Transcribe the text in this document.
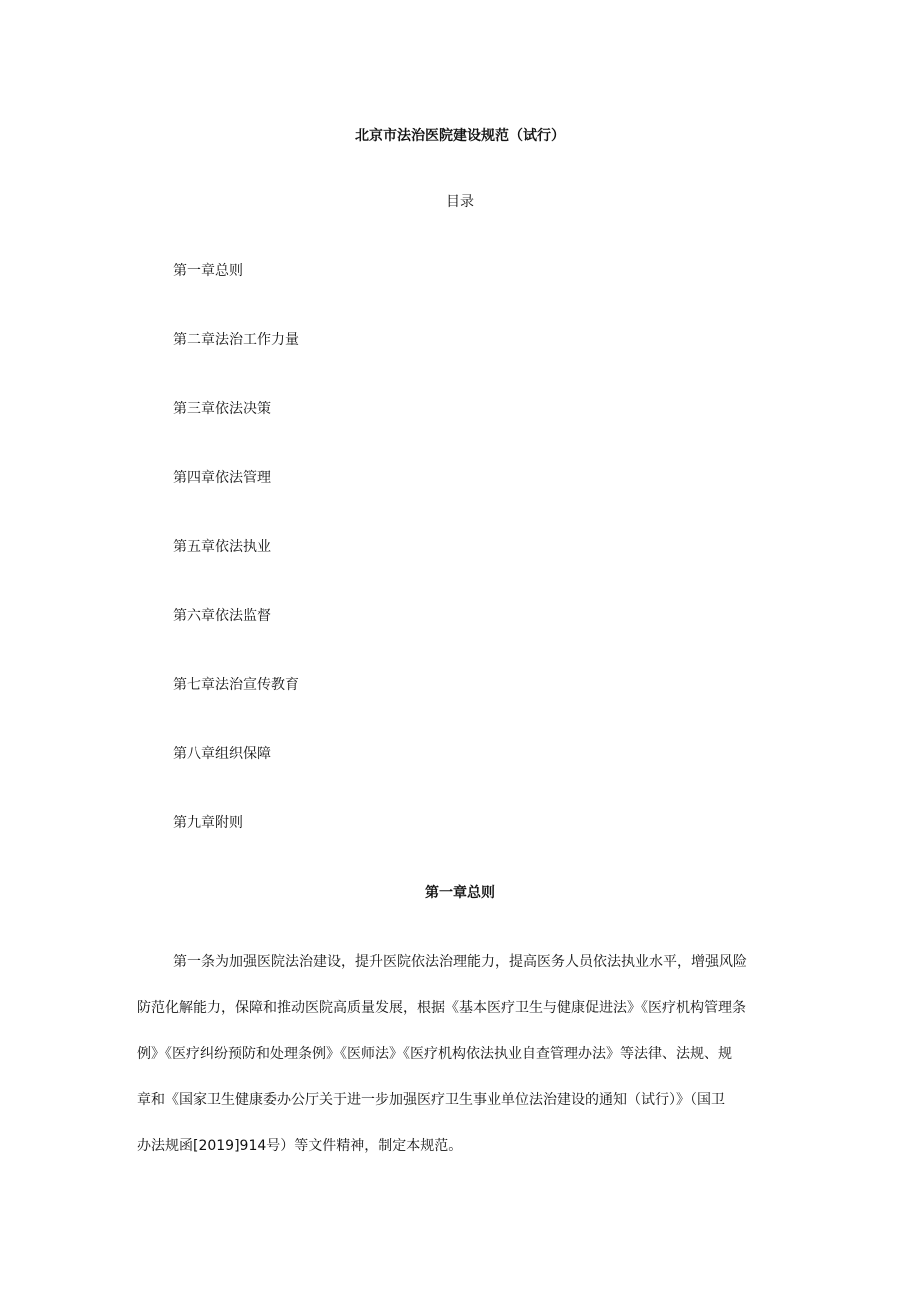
北京市法治医院建设规范（试行）
目录
第一章总则
第二章法治工作力量
第三章依法决策
第四章依法管理
第五章依法执业
第六章依法监督
第七章法治宣传教育
第八章组织保障
第九章附则
第一章总则

第一条为加强医院法治建设，提升医院依法治理能力，提高医务人员依法执业水平，增强风险
防范化解能力，保障和推动医院高质量发展，根据《基本医疗卫生与健康促进法》《医疗机构管理条
例》《医疗纠纷预防和处理条例》《医师法》《医疗机构依法执业自查管理办法》等法律、法规、规
章和《国家卫生健康委办公厅关于进一步加强医疗卫生事业单位法治建设的通知（试行）》（国卫
办法规函[2019]914号）等文件精神，制定本规范。
